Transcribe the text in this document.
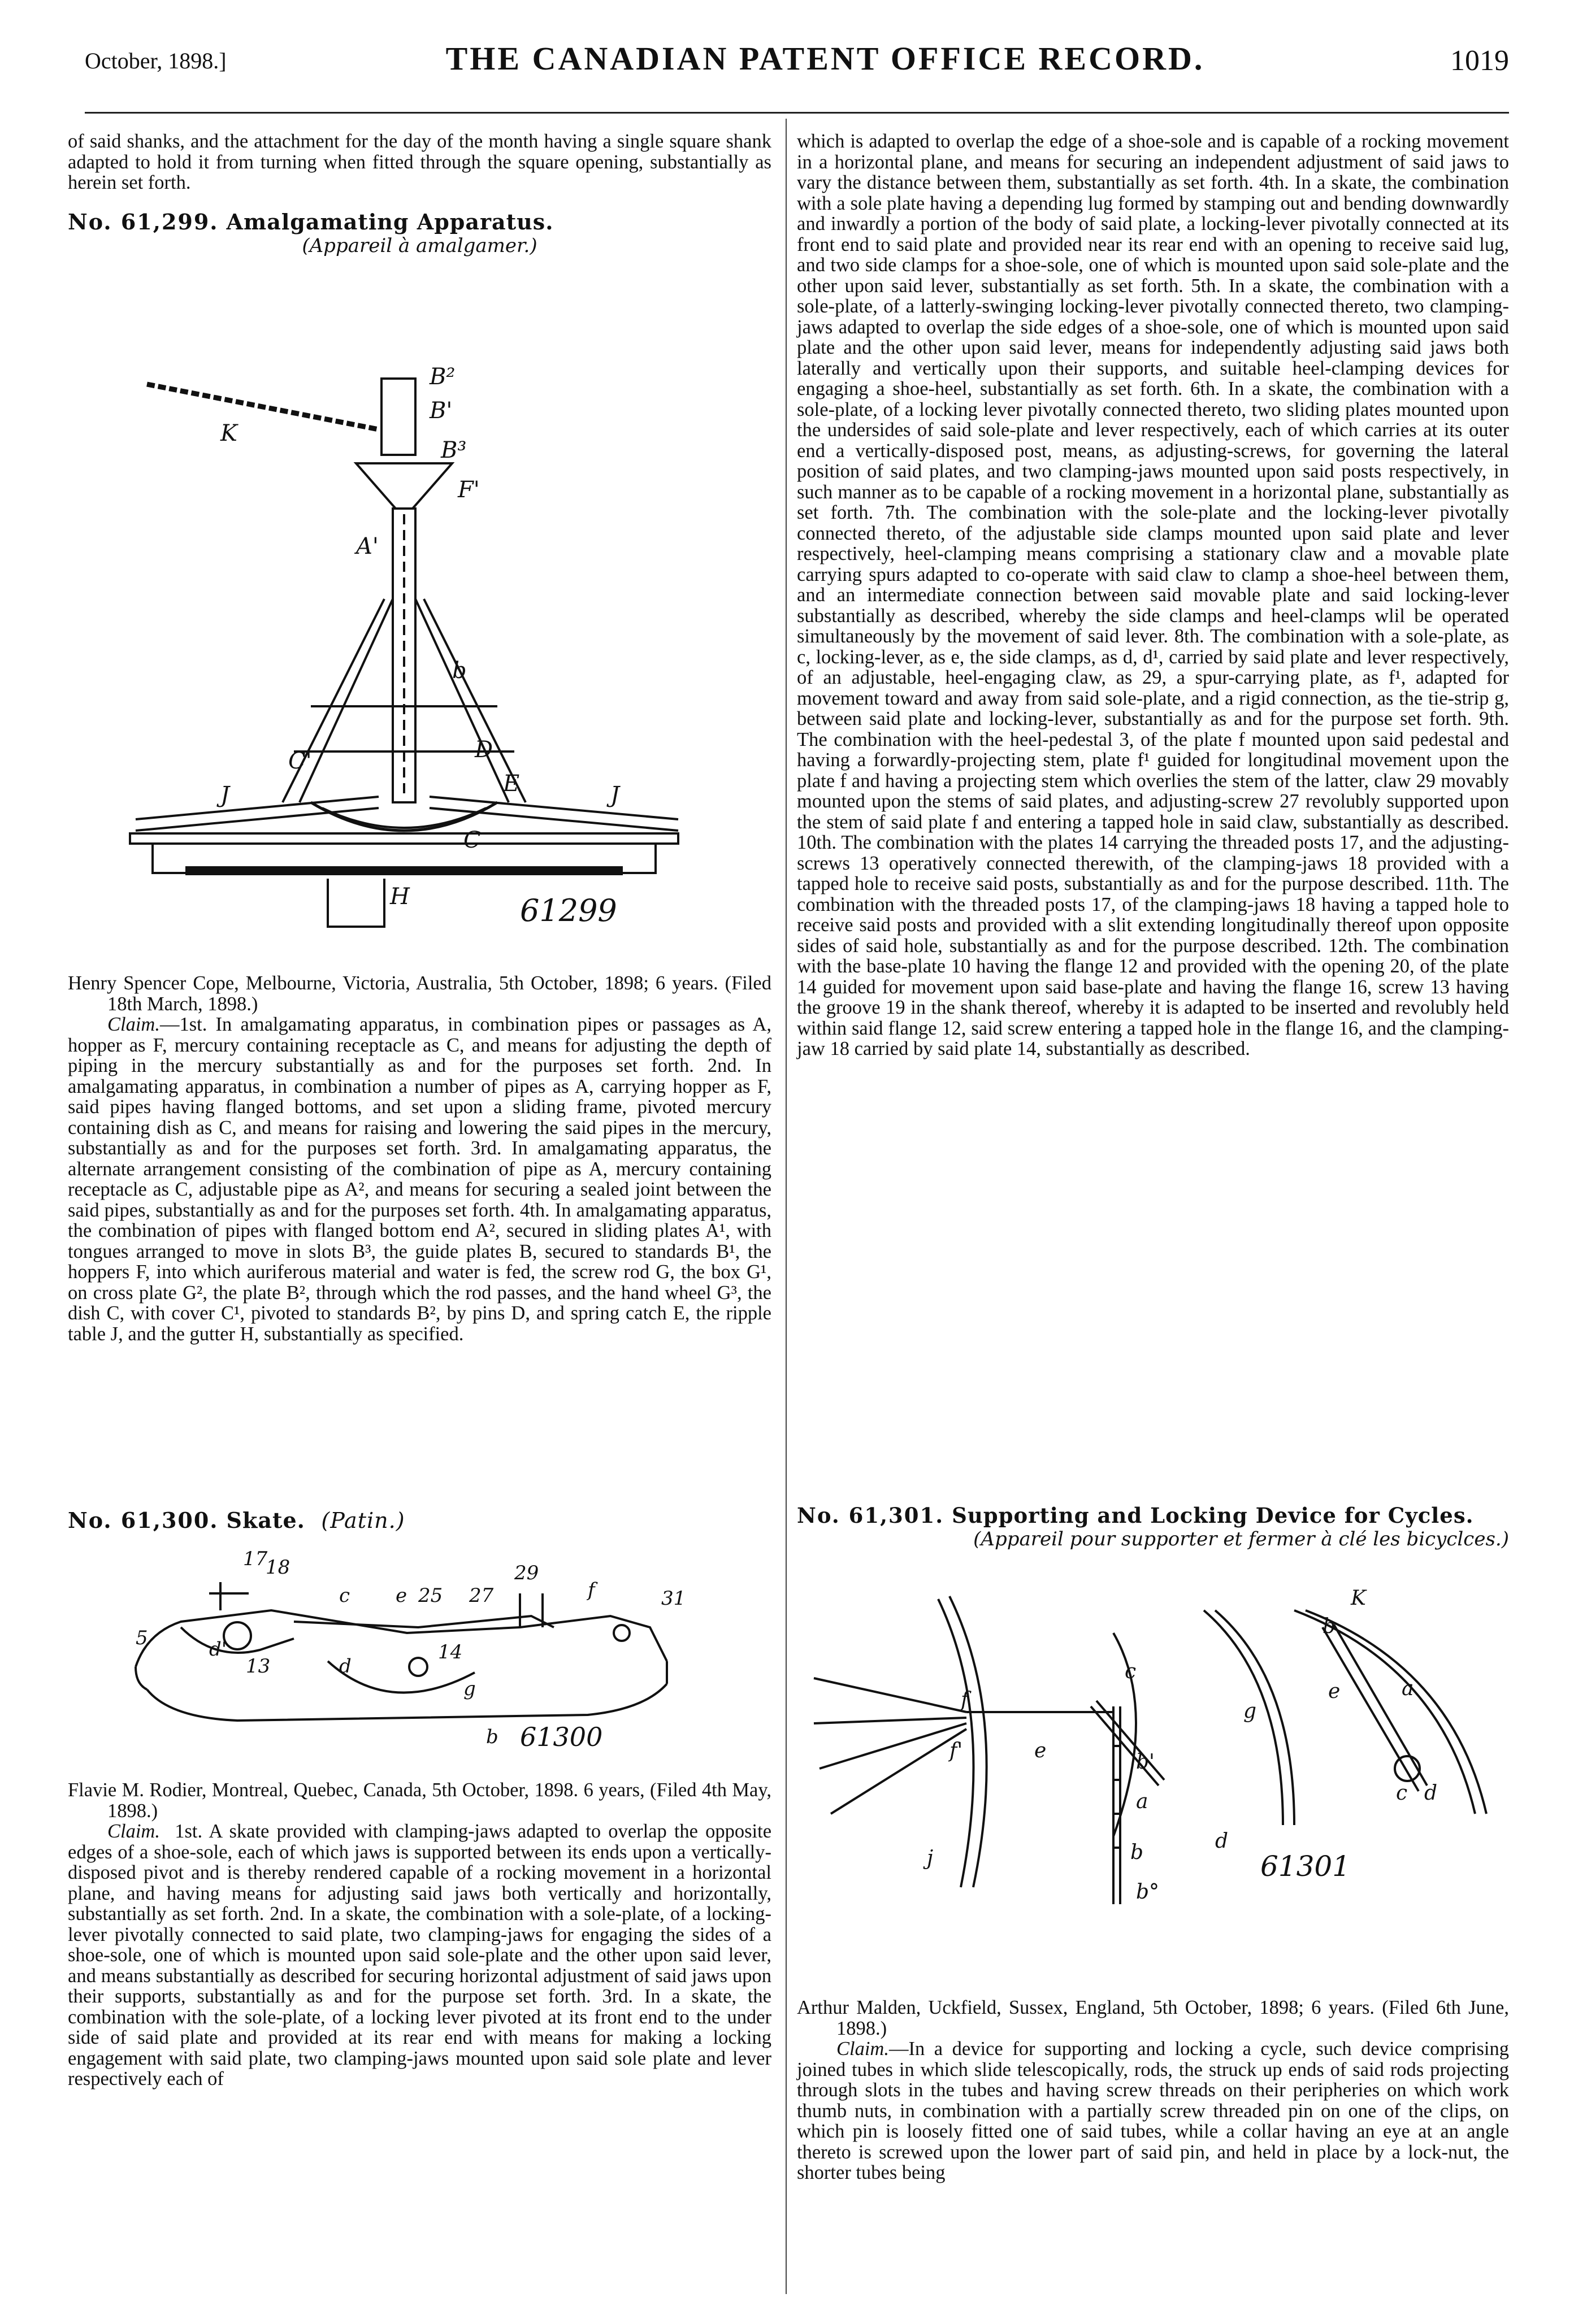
October, 1898.]	THE CANADIAN PATENT OFFICE RECORD.	1019

of said shanks, and the attachment for the day of the month having a single square shank adapted to hold it from turning when fitted through the square opening, substantially as herein set forth.

No. 61,299. Amalgamating Apparatus.
(Appareil à amalgamer.)
B²
B'
B³
K
F'
A'
b
D
C'
E
J	J
C
H	61299

Henry Spencer Cope, Melbourne, Victoria, Australia, 5th October, 1898; 6 years. (Filed 18th March, 1898.)

Claim.—1st. In amalgamating apparatus, in combination pipes or passages as A, hopper as F, mercury containing receptacle as C, and means for adjusting the depth of piping in the mercury substantially as and for the purposes set forth. 2nd. In amalgamating apparatus, in combination a number of pipes as A, carrying hopper as F, said pipes having flanged bottoms, and set upon a sliding frame, pivoted mercury containing dish as C, and means for raising and lowering the said pipes in the mercury, substantially as and for the purposes set forth. 3rd. In amalgamating apparatus, the alternate arrangement consisting of the combination of pipe as A, mercury containing receptacle as C, adjustable pipe as A², and means for securing a sealed joint between the said pipes, substantially as and for the purposes set forth. 4th. In amalgamating apparatus, the combination of pipes with flanged bottom end A², secured in sliding plates A¹, with tongues arranged to move in slots B³, the guide plates B, secured to standards B¹, the hoppers F, into which auriferous material and water is fed, the screw rod G, the box G¹, on cross plate G², the plate B², through which the rod passes, and the hand wheel G³, the dish C, with cover C¹, pivoted to standards B², by pins D, and spring catch E, the ripple table J, and the gutter H, substantially as specified.

No. 61,300. Skate. (Patin.)
17
18
c e 25 27
29
f	31
5	d'
13	d
14
g
b 61300

Flavie M. Rodier, Montreal, Quebec, Canada, 5th October, 1898. 6 years, (Filed 4th May, 1898.)

Claim. 1st. A skate provided with clamping-jaws adapted to overlap the opposite edges of a shoe-sole, each of which jaws is supported between its ends upon a vertically-disposed pivot and is thereby rendered capable of a rocking movement in a horizontal plane, and having means for adjusting said jaws both vertically and horizontally, substantially as set forth. 2nd. In a skate, the combination with a sole-plate, of a locking-lever pivotally connected to said plate, two clamping-jaws for engaging the sides of a shoe-sole, one of which is mounted upon said sole-plate and the other upon said lever, and means substantially as described for securing horizontal adjustment of said jaws upon their supports, substantially as and for the purpose set forth. 3rd. In a skate, the combination with the sole-plate, of a locking lever pivoted at its front end to the under side of said plate and provided at its rear end with means for making a locking engagement with said plate, two clamping-jaws mounted upon said sole plate and lever respectively each of

which is adapted to overlap the edge of a shoe-sole and is capable of a rocking movement in a horizontal plane, and means for securing an independent adjustment of said jaws to vary the distance between them, substantially as set forth. 4th. In a skate, the combination with a sole plate having a depending lug formed by stamping out and bending downwardly and inwardly a portion of the body of said plate, a locking-lever pivotally connected at its front end to said plate and provided near its rear end with an opening to receive said lug, and two side clamps for a shoe-sole, one of which is mounted upon said sole-plate and the other upon said lever, substantially as set forth. 5th. In a skate, the combination with a sole-plate, of a latterly-swinging locking-lever pivotally connected thereto, two clamping-jaws adapted to overlap the side edges of a shoe-sole, one of which is mounted upon said plate and the other upon said lever, means for independently adjusting said jaws both laterally and vertically upon their supports, and suitable heel-clamping devices for engaging a shoe-heel, substantially as set forth. 6th. In a skate, the combination with a sole-plate, of a locking lever pivotally connected thereto, two sliding plates mounted upon the undersides of said sole-plate and lever respectively, each of which carries at its outer end a vertically-disposed post, means, as adjusting-screws, for governing the lateral position of said plates, and two clamping-jaws mounted upon said posts respectively, in such manner as to be capable of a rocking movement in a horizontal plane, substantially as set forth. 7th. The combination with the sole-plate and the locking-lever pivotally connected thereto, of the adjustable side clamps mounted upon said plate and lever respectively, heel-clamping means comprising a stationary claw and a movable plate carrying spurs adapted to co-operate with said claw to clamp a shoe-heel between them, and an intermediate connection between said movable plate and said locking-lever substantially as described, whereby the side clamps and heel-clamps wlil be operated simultaneously by the movement of said lever. 8th. The combination with a sole-plate, as c, locking-lever, as e, the side clamps, as d, d¹, carried by said plate and lever respectively, of an adjustable, heel-engaging claw, as 29, a spur-carrying plate, as f¹, adapted for movement toward and away from said sole-plate, and a rigid connection, as the tie-strip g, between said plate and locking-lever, substantially as and for the purpose set forth. 9th. The combination with the heel-pedestal 3, of the plate f mounted upon said pedestal and having a forwardly-projecting stem, plate f¹ guided for longitudinal movement upon the plate f and having a projecting stem which overlies the stem of the latter, claw 29 movably mounted upon the stems of said plates, and adjusting-screw 27 revolubly supported upon the stem of said plate f and entering a tapped hole in said claw, substantially as described. 10th. The combination with the plates 14 carrying the threaded posts 17, and the adjusting-screws 13 operatively connected therewith, of the clamping-jaws 18 provided with a tapped hole to receive said posts, substantially as and for the purpose described. 11th. The combination with the threaded posts 17, of the clamping-jaws 18 having a tapped hole to receive said posts and provided with a slit extending longitudinally thereof upon opposite sides of said hole, substantially as and for the purpose described. 12th. The combination with the base-plate 10 having the flange 12 and provided with the opening 20, of the plate 14 guided for movement upon said base-plate and having the flange 16, screw 13 having the groove 19 in the shank thereof, whereby it is adapted to be inserted and revolubly held within said flange 12, said screw entering a tapped hole in the flange 16, and the clamping-jaw 18 carried by said plate 14, substantially as described.

No. 61,301. Supporting and Locking Device for Cycles.
(Appareil pour supporter et fermer à clé les bicyclces.)
f
f'	e
c
b'
a
b
b°
d
g
j
K
b
e	a
c d
61301

Arthur Malden, Uckfield, Sussex, England, 5th October, 1898; 6 years. (Filed 6th June, 1898.)

Claim.—In a device for supporting and locking a cycle, such device comprising joined tubes in which slide telescopically, rods, the struck up ends of said rods projecting through slots in the tubes and having screw threads on their peripheries on which work thumb nuts, in combination with a partially screw threaded pin on one of the clips, on which pin is loosely fitted one of said tubes, while a collar having an eye at an angle thereto is screwed upon the lower part of said pin, and held in place by a lock-nut, the shorter tubes being
